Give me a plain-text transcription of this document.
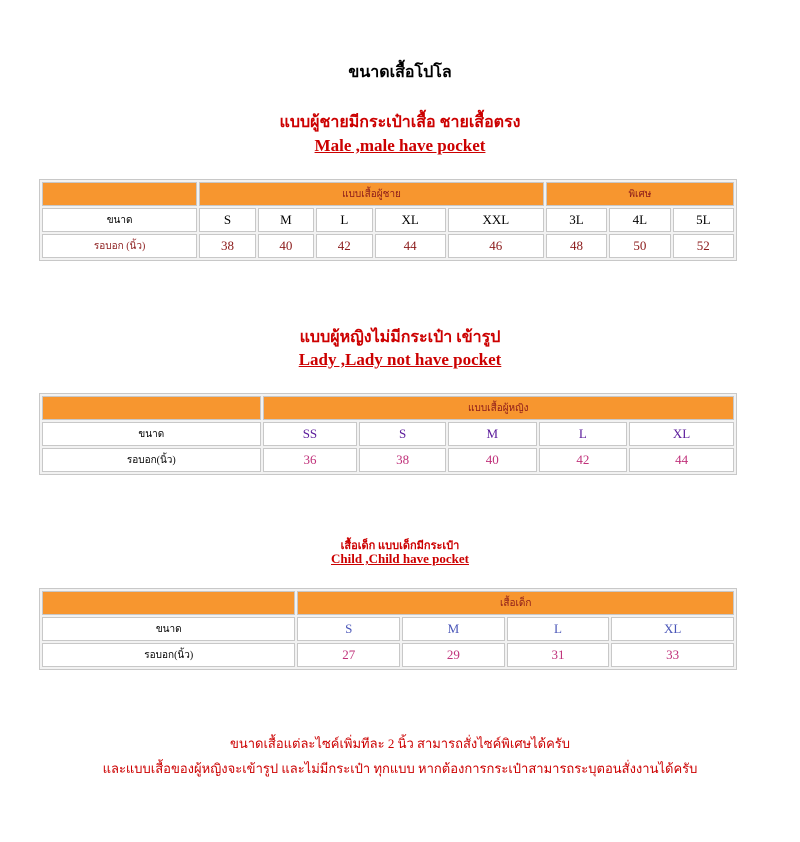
ขนาดเสื้อโปโล
แบบผู้ชายมีกระเป๋าเสื้อ ชายเสื้อตรง
Male ,male have pocket
	แบบเสื้อผู้ชาย					พิเศษ		
ขนาด	S	M	L	XL	XXL	3L	4L	5L
รอบอก (นิ้ว)	38	40	42	44	46	48	50	52
แบบผู้หญิงไม่มีกระเป๋า เข้ารูป
Lady ,Lady not have pocket
	แบบเสื้อผู้หญิง				
ขนาด	SS	S	M	L	XL
รอบอก(นิ้ว)	36	38	40	42	44
เสื้อเด็ก แบบเด็กมีกระเป๋า
Child ,Child have pocket
	เสื้อเด็ก			
ขนาด	S	M	L	XL
รอบอก(นิ้ว)	27	29	31	33
ขนาดเสื้อแต่ละไซค์เพิ่มทีละ 2 นิ้ว สามารถสั่งไซค์พิเศษได้ครับ
และแบบเสื้อของผู้หญิงจะเข้ารูป และไม่มีกระเป๋า ทุกแบบ หากต้องการกระเป๋าสามารถระบุตอนสั่งงานได้ครับ
